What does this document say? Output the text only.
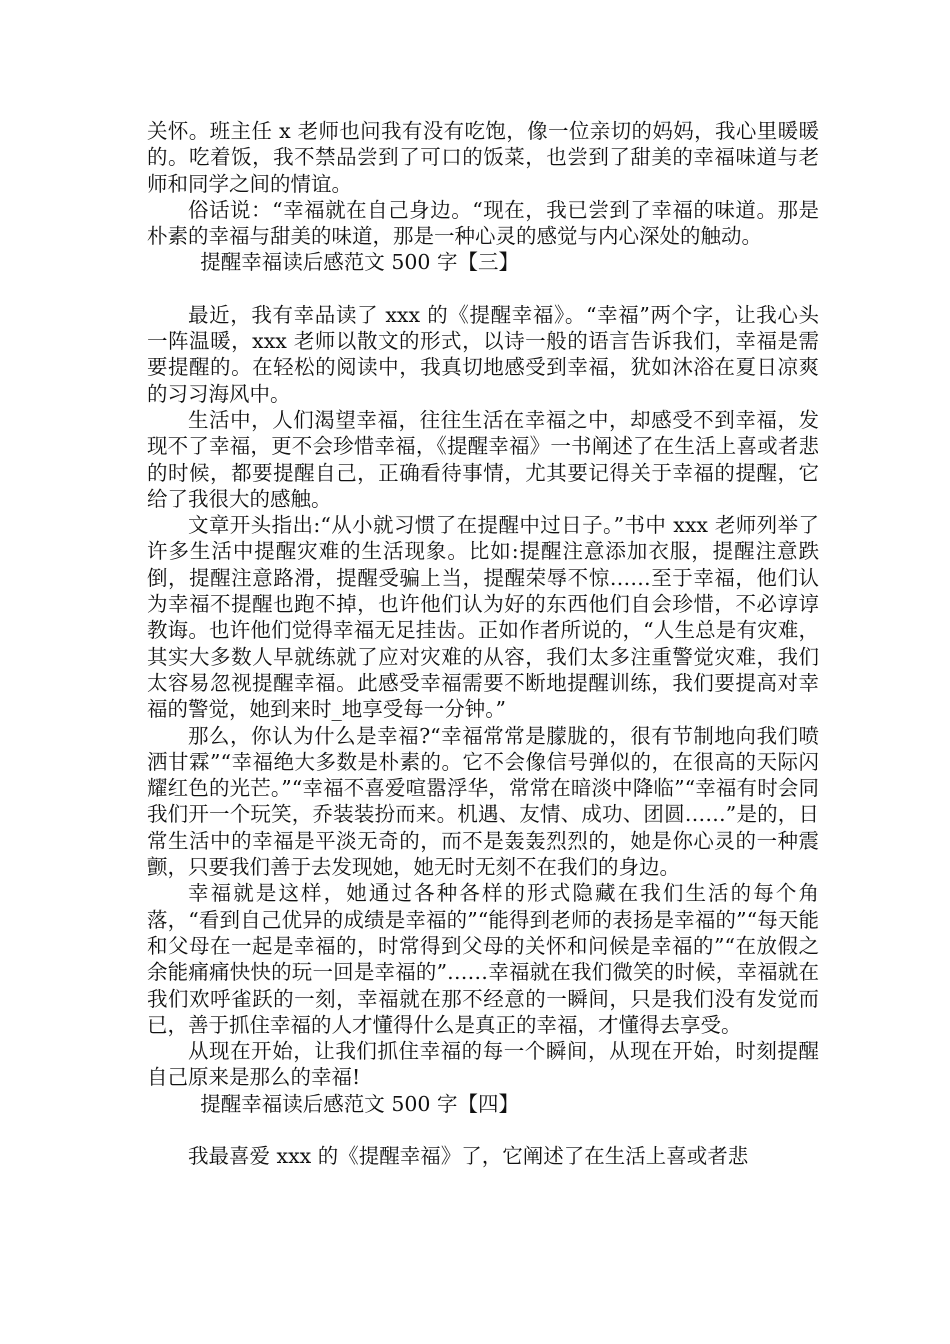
关怀。班主任 x 老师也问我有没有吃饱，像一位亲切的妈妈，我心里暖暖的。吃着饭，我不禁品尝到了可口的饭菜，也尝到了甜美的幸福味道与老师和同学之间的情谊。

俗话说：“幸福就在自己身边。“现在，我已尝到了幸福的味道。那是朴素的幸福与甜美的味道，那是一种心灵的感觉与内心深处的触动。

提醒幸福读后感范文 500 字【三】

最近，我有幸品读了 xxx 的《提醒幸福》。“幸福”两个字，让我心头一阵温暖，xxx 老师以散文的形式，以诗一般的语言告诉我们，幸福是需要提醒的。在轻松的阅读中，我真切地感受到幸福，犹如沐浴在夏日凉爽的习习海风中。

生活中，人们渴望幸福，往往生活在幸福之中，却感受不到幸福，发现不了幸福，更不会珍惜幸福，《提醒幸福》一书阐述了在生活上喜或者悲的时候，都要提醒自己，正确看待事情，尤其要记得关于幸福的提醒，它给了我很大的感触。

文章开头指出:“从小就习惯了在提醒中过日子。”书中 xxx 老师列举了许多生活中提醒灾难的生活现象。比如:提醒注意添加衣服，提醒注意跌倒，提醒注意路滑，提醒受骗上当，提醒荣辱不惊……至于幸福，他们认为幸福不提醒也跑不掉，也许他们认为好的东西他们自会珍惜，不必谆谆教诲。也许他们觉得幸福无足挂齿。正如作者所说的，“人生总是有灾难，其实大多数人早就练就了应对灾难的从容，我们太多注重警觉灾难，我们太容易忽视提醒幸福。此感受幸福需要不断地提醒训练，我们要提高对幸福的警觉，她到来时_地享受每一分钟。”

那么，你认为什么是幸福?“幸福常常是朦胧的，很有节制地向我们喷洒甘霖”“幸福绝大多数是朴素的。它不会像信号弹似的，在很高的天际闪耀红色的光芒。”“幸福不喜爱喧嚣浮华，常常在暗淡中降临”“幸福有时会同我们开一个玩笑，乔装装扮而来。机遇、友情、成功、团圆……”是的，日常生活中的幸福是平淡无奇的，而不是轰轰烈烈的，她是你心灵的一种震颤，只要我们善于去发现她，她无时无刻不在我们的身边。

幸福就是这样，她通过各种各样的形式隐藏在我们生活的每个角落，“看到自己优异的成绩是幸福的”“能得到老师的表扬是幸福的”“每天能和父母在一起是幸福的，时常得到父母的关怀和问候是幸福的”“在放假之余能痛痛快快的玩一回是幸福的”……幸福就在我们微笑的时候，幸福就在我们欢呼雀跃的一刻，幸福就在那不经意的一瞬间，只是我们没有发觉而已，善于抓住幸福的人才懂得什么是真正的幸福，才懂得去享受。

从现在开始，让我们抓住幸福的每一个瞬间，从现在开始，时刻提醒自己原来是那么的幸福!

提醒幸福读后感范文 500 字【四】

我最喜爱 xxx 的《提醒幸福》了，它阐述了在生活上喜或者悲
